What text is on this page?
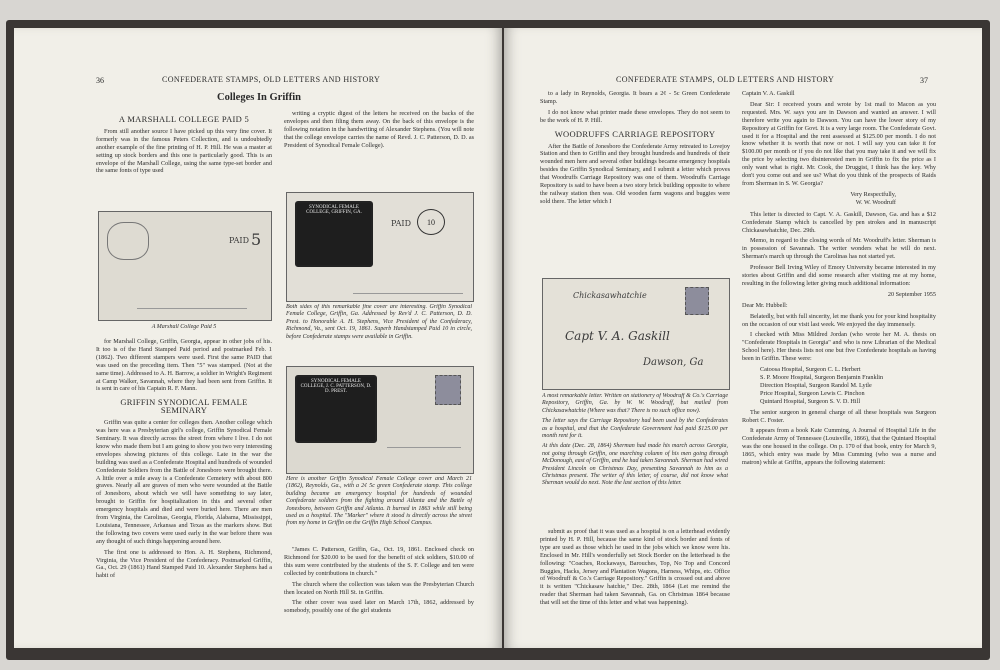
36	CONFEDERATE STAMPS, OLD LETTERS AND HISTORY
Colleges In Griffin
A MARSHALL COLLEGE PAID 5

From still another source I have picked up this very fine cover. It formerly was in the famous Peters Collection, and is undoubtedly another example of the fine printing of H. P. Hill. He was a master at setting up stock borders and this one is particularly good. This is an envelope of the Marshall College, using the same type-set border and the same fonts of type used

PAID 5
A Marshall College Paid 5

for Marshall College, Griffin, Georgia, appear in other jobs of his. It too is of the Hand Stamped Paid period and postmarked Feb. 1 (1862). Two different stampers were used. First the same PAID that was used on the preceding item. Then "5" was stamped. (Not at the same time). Addressed to A. H. Barrow, a soldier in Wright's Regiment at Camp Walker, Savannah, where they had been sent from Griffin. It is sent in care of his Captain R. F. Mann.

GRIFFIN SYNODICAL FEMALE SEMINARY

Griffin was quite a center for colleges then. Another college which was here was a Presbyterian girl's college, Griffin Synodical Female Seminary. It was directly across the street from where I live. I do not know who made them but I am going to show you two very interesting envelopes showing pictures of this college. Late in the war the building was used as a Confederate Hospital and hundreds of wounded Confederate Soldiers from the Battle of Jonesboro were brought there. A little over a mile away is a Confederate Cemetery with about 800 graves. Nearly all are graves of men who were wounded at the Battle of Jonesboro, about which we will have something to say later, brought to Griffin for hospitalization in this and several other emergency hospitals and died and were buried here. There are men from Virginia, the Carolinas, Georgia, Florida, Alabama, Mississippi, Louisiana, Tennessee, Arkansas and Texas as the markers show. But the following two covers were used early in the war before there was any thought of such things happening around here.

The first one is addressed to Hon. A. H. Stephens, Richmond, Virginia, the Vice President of the Confederacy. Postmarked Griffin, Ga., Oct. 29 (1861) Hand Stamped Paid 10. Alexander Stephens had a habit of

writing a cryptic digest of the letters he received on the backs of the envelopes and then filing them away. On the back of this envelope is the following notation in the handwriting of Alexander Stephens. (You will note that the college envelope carries the name of Revd. J. C. Patterson, D. D. as President of Synodical Female College).

SYNODICAL FEMALE COLLEGE, GRIFFIN, GA.
PAID	10
Both sides of this remarkable fine cover are interesting. Griffin Synodical Female College, Griffin, Ga. Addressed by Rev'd J. C. Patterson, D. D. Prest. to Honorable A. H. Stephens, Vice President of the Confederacy, Richmond, Va., sent Oct. 19, 1861. Superb Handstamped Paid 10 in circle, before Confederate stamps were available in Griffin.
SYNODICAL FEMALE COLLEGE, J. C. PATTERSON, D. D. PREST.
Here is another Griffin Synodical Female College cover and March 21 (1862), Reynolds, Ga., with a 2¢ 5c green Confederate stamp. This college building became an emergency hospital for hundreds of wounded Confederate soldiers from the fighting around Atlanta and the Battle of Jonesboro, between Griffin and Atlanta. It burned in 1863 while still being used as a hospital. The "Marker" where it stood is directly across the street from my home in Griffin on the Griffin High School Campus.

"James C. Patterson, Griffin, Ga., Oct. 19, 1861. Enclosed check on Richmond for $20.00 to be used for the benefit of sick soldiers, $10.00 of this sum were contributed by the students of the S. F. College and ten were collected by contributions in church."

The church where the collection was taken was the Presbyterian Church then located on North Hill St. in Griffin.

The other cover was used later on March 17th, 1862, addressed by somebody, possibly one of the girl students

CONFEDERATE STAMPS, OLD LETTERS AND HISTORY	37

to a lady in Reynolds, Georgia. It bears a 2¢ - 5c Green Confederate Stamp.

I do not know what printer made these envelopes. They do not seem to be the work of H. P. Hill.

WOODRUFFS CARRIAGE REPOSITORY

After the Battle of Jonesboro the Confederate Army retreated to Lovejoy Station and then to Griffin and they brought hundreds and hundreds of their wounded men here and several other buildings became emergency hospitals besides the Griffin Synodical Seminary, and I submit a letter which proves that Woodruffs Carriage Repository was one of them. Woodruffs Carriage Repository is said to have been a two story brick building opposite to where the railway station then was. Old wooden farm wagons and buggies were sold there. The letter which I

Chickasawhatchie
Capt V. A. Gaskill
Dawson, Ga

A most remarkable letter. Written on stationery of Woodruff & Co.'s Carriage Repository, Griffin, Ga. by W. W. Woodruff, but mailed from Chickasawhatchie (Where was that? There is no such office now).

The letter says the Carriage Repository had been used by the Confederates as a hospital, and that the Confederate Government had paid $125.00 per month rent for it.

At this date (Dec. 28, 1864) Sherman had made his march across Georgia, not going through Griffin, one marching column of his men going through McDonough, east of Griffin, and he had taken Savannah. Sherman had wired President Lincoln on Christmas Day, presenting Savannah to him as a Christmas present. The writer of this letter, of course, did not know what Sherman would do next. Note the last section of this letter.

submit as proof that it was used as a hospital is on a letterhead evidently printed by H. P. Hill, because the same kind of stock border and fonts of type are used as those which he used in the jobs which we know were his. Enclosed in Mr. Hill's wonderfully set Stock Border on the letterhead is the following: "Coaches, Rockaways, Barouches, Top, No Top and Concord Buggies, Hacks, Jersey and Plantation Wagons, Harness, Whips, etc. Office of Woodruff & Co.'s Carriage Repository." Griffin is crossed out and above it is written "Chickasaw hatchie," Dec. 28th, 1864 (Let me remind the reader that Sherman had taken Savannah, Ga. on Christmas 1864 because that will set the time of this letter and what was happening).

Captain V. A. Gaskill

Dear Sir: I received yours and wrote by 1st mail to Macon as you requested. Mrs. W. says you are in Dawson and wanted an answer. I will therefore write you again to Dawson. You can have the lower story of my Repository at Griffin for Govt. It is a very large room. The Confederate Govt. used it for a Hospital and the rent assessed at $125.00 per month. I do not know whether it is worth that now or not. I will say you can take it for $100.00 per month or if you do not like that you may take it and we will fix the price by selecting two disinterested men in Griffin to fix the price as I only want what is right. Mr. Cook, the Druggist, I think has the key. Why don't you come out and see us? What do you think of the prospects of Raids from Sherman in S. W. Georgia?

Very Respectfully,

W. W. Woodruff

This letter is directed to Capt. V. A. Gaskill, Dawson, Ga. and has a $12 Confederate Stamp which is cancelled by pen strokes and in manuscript Chickasawhatchie, Dec. 29th.

Memo, in regard to the closing words of Mr. Woodruff's letter. Sherman is in possession of Savannah. The writer wonders what he will do next. Sherman's march up through the Carolinas has not started yet.

Professor Bell Irving Wiley of Emory University became interested in my stories about Griffin and did some research after visiting me at my home, resulting in the following letter giving much additional information:

20 September 1955

Dear Mr. Hubbell:

Belatedly, but with full sincerity, let me thank you for your kind hospitality on the occasion of our visit last week. We enjoyed the day immensely.

I checked with Miss Mildred Jordan (who wrote her M. A. thesis on "Confederate Hospitals in Georgia" and who is now Librarian of the Medical School here). Her thesis lists not one but five Confederate hospitals as having been in Griffin. These were:

Catoosa Hospital, Surgeon C. L. Herbert
S. P. Moore Hospital, Surgeon Benjamin Franklin
Direction Hospital, Surgeon Randol M. Lytle
Price Hospital, Surgeon Lewis C. Pinchon
Quintard Hospital, Surgeon S. V. D. Hill

The senior surgeon in general charge of all these hospitals was Surgeon Robert C. Foster.

It appears from a book Kate Cumming, A Journal of Hospital Life in the Confederate Army of Tennessee (Louisville, 1866), that the Quintard Hospital was the one housed in the college. On p. 170 of that book, entry for March 9, 1865, which entry was made by Miss Cumming (who was a nurse and matron) while at Griffin, appears the following statement:
